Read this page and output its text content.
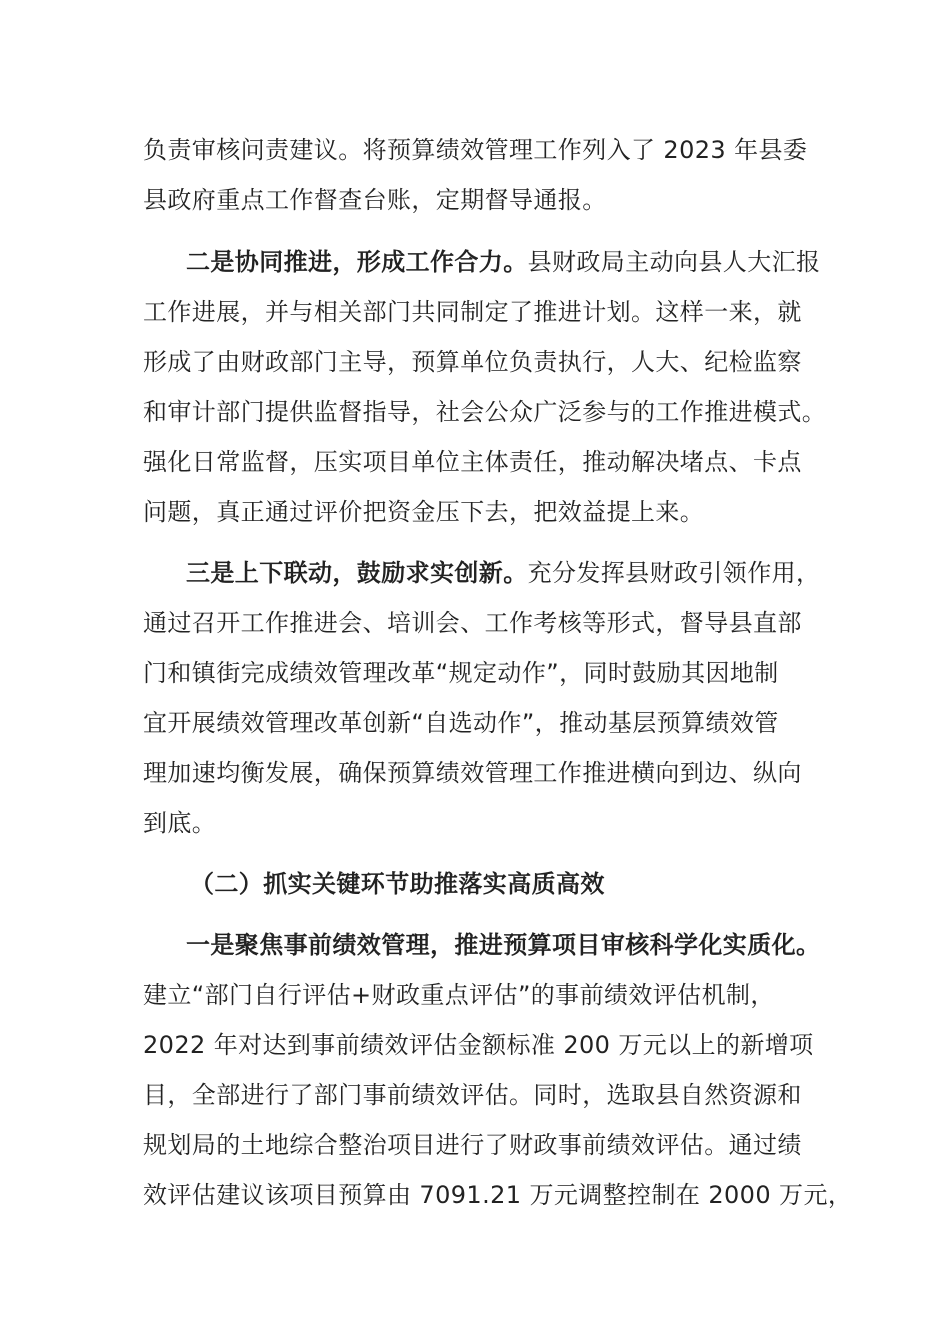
负责审核问责建议。将预算绩效管理工作列入了 2023 年县委
县政府重点工作督查台账，定期督导通报。
二是协同推进，形成工作合力。县财政局主动向县人大汇报
工作进展，并与相关部门共同制定了推进计划。这样一来，就
形成了由财政部门主导，预算单位负责执行，人大、纪检监察
和审计部门提供监督指导，社会公众广泛参与的工作推进模式。
强化日常监督，压实项目单位主体责任，推动解决堵点、卡点
问题，真正通过评价把资金压下去，把效益提上来。
三是上下联动，鼓励求实创新。充分发挥县财政引领作用，
通过召开工作推进会、培训会、工作考核等形式，督导县直部
门和镇街完成绩效管理改革“规定动作”，同时鼓励其因地制
宜开展绩效管理改革创新“自选动作”，推动基层预算绩效管
理加速均衡发展，确保预算绩效管理工作推进横向到边、纵向
到底。
（二）抓实关键环节助推落实高质高效
一是聚焦事前绩效管理，推进预算项目审核科学化实质化。
建立“部门自行评估+财政重点评估”的事前绩效评估机制，
2022 年对达到事前绩效评估金额标准 200 万元以上的新增项
目，全部进行了部门事前绩效评估。同时，选取县自然资源和
规划局的土地综合整治项目进行了财政事前绩效评估。通过绩
效评估建议该项目预算由 7091.21 万元调整控制在 2000 万元，
